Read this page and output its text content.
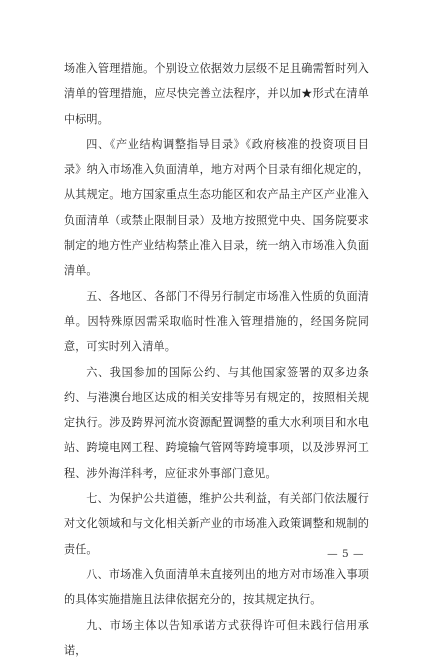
场准入管理措施。个别设立依据效力层级不足且确需暂时列入清单的管理措施，应尽快完善立法程序，并以加★形式在清单中标明。

四、《产业结构调整指导目录》《政府核准的投资项目目录》纳入市场准入负面清单，地方对两个目录有细化规定的，从其规定。地方国家重点生态功能区和农产品主产区产业准入负面清单（或禁止限制目录）及地方按照党中央、国务院要求制定的地方性产业结构禁止准入目录，统一纳入市场准入负面清单。

五、各地区、各部门不得另行制定市场准入性质的负面清单。因特殊原因需采取临时性准入管理措施的，经国务院同意，可实时列入清单。

六、我国参加的国际公约、与其他国家签署的双多边条约、与港澳台地区达成的相关安排等另有规定的，按照相关规定执行。涉及跨界河流水资源配置调整的重大水利项目和水电站、跨境电网工程、跨境输气管网等跨境事项，以及涉界河工程、涉外海洋科考，应征求外事部门意见。

七、为保护公共道德，维护公共利益，有关部门依法履行对文化领域和与文化相关新产业的市场准入政策调整和规制的责任。

八、市场准入负面清单未直接列出的地方对市场准入事项的具体实施措施且法律依据充分的，按其规定执行。

九、市场主体以告知承诺方式获得许可但未践行信用承诺，

— 5 —
